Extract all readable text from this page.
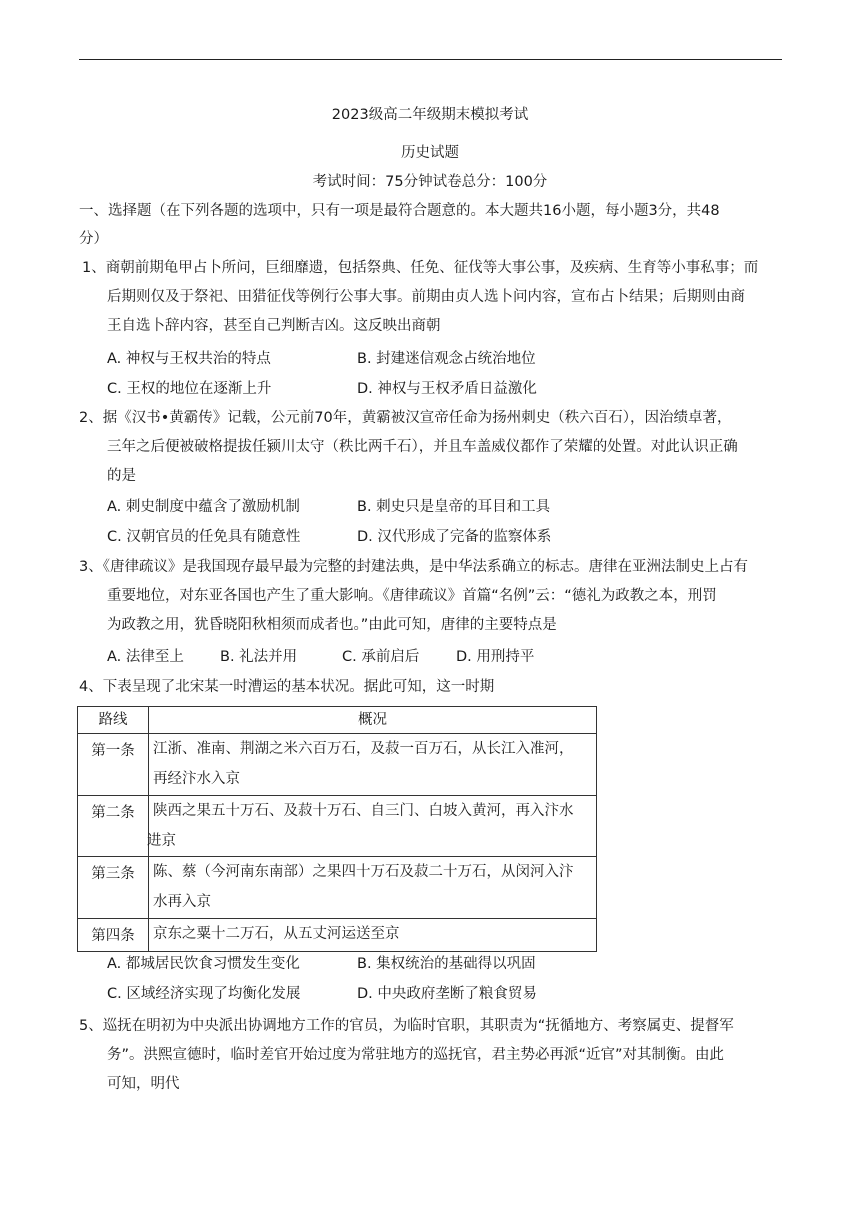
2023级高二年级期末模拟考试
历史试题
考试时间：75分钟试卷总分：100分
一、选择题（在下列各题的选项中，只有一项是最符合题意的。本大题共16小题，每小题3分，共48
分）
1、商朝前期龟甲占卜所问，巨细靡遗，包括祭典、任免、征伐等大事公事，及疾病、生育等小事私事；而
后期则仅及于祭祀、田猎征伐等例行公事大事。前期由贞人选卜问内容，宣布占卜结果；后期则由商
王自选卜辞内容，甚至自己判断吉凶。这反映出商朝
A. 神权与王权共治的特点	B. 封建迷信观念占统治地位
C. 王权的地位在逐渐上升	D. 神权与王权矛盾日益激化
2、据《汉书•黄霸传》记载，公元前70年，黄霸被汉宣帝任命为扬州刺史（秩六百石），因治绩卓著，
三年之后便被破格提拔任颍川太守（秩比两千石），并且车盖威仪都作了荣耀的处置。对此认识正确
的是
A. 刺史制度中蕴含了激励机制	B. 刺史只是皇帝的耳目和工具
C. 汉朝官员的任免具有随意性	D. 汉代形成了完备的监察体系
3、《唐律疏议》是我国现存最早最为完整的封建法典，是中华法系确立的标志。唐律在亚洲法制史上占有
重要地位，对东亚各国也产生了重大影响。《唐律疏议》首篇“名例”云：“德礼为政教之本，刑罚
为政教之用，犹昏晓阳秋相须而成者也。”由此可知，唐律的主要特点是
A. 法律至上 B. 礼法并用	C. 承前启后	D. 用刑持平
4、下表呈现了北宋某一时漕运的基本状况。据此可知，这一时期
路线	概况
第一条	江浙、准南、荆湖之米六百万石，及菽一百万石，从长江入准河，
再经汴水入京

第二条	陕西之果五十万石、及菽十万石、自三门、白坡入黄河，再入汴水
进京

第三条	陈、蔡（今河南东南部）之果四十万石及菽二十万石，从闵河入汴
水再入京

第四条	京东之粟十二万石，从五丈河运送至京
A. 都城居民饮食习惯发生变化	B. 集权统治的基础得以巩固
C. 区域经济实现了均衡化发展	D. 中央政府垄断了粮食贸易
5、巡抚在明初为中央派出协调地方工作的官员，为临时官职，其职责为“抚循地方、考察属吏、提督军
务”。洪熙宣德时，临时差官开始过度为常驻地方的巡抚官，君主势必再派“近官”对其制衡。由此
可知，明代
